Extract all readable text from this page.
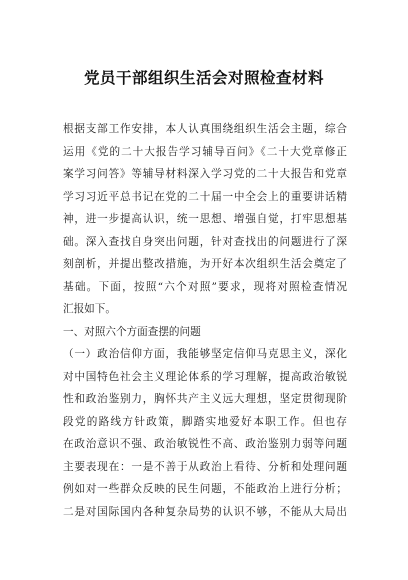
党员干部组织生活会对照检查材料
根据支部工作安排，本人认真围绕组织生活会主题，综合
运用《党的二十大报告学习辅导百问》《二十大党章修正
案学习问答》等辅导材料深入学习党的二十大报告和党章
学习习近平总书记在党的二十届一中全会上的重要讲话精
神，进一步提高认识，统一思想、增强自觉，打牢思想基
础。深入查找自身突出问题，针对查找出的问题进行了深
刻剖析，并提出整改措施，为开好本次组织生活会奠定了
基础。下面，按照“六个对照”要求，现将对照检查情况
汇报如下。
一、对照六个方面查摆的问题
（一）政治信仰方面，我能够坚定信仰马克思主义，深化
对中国特色社会主义理论体系的学习理解，提高政治敏锐
性和政治鉴别力，胸怀共产主义远大理想，坚定贯彻现阶
段党的路线方针政策，脚踏实地爱好本职工作。但也存
在政治意识不强、政治敏锐性不高、政治鉴别力弱等问题
主要表现在：一是不善于从政治上看待、分析和处理问题
例如对一些群众反映的民生问题，不能政治上进行分析；
二是对国际国内各种复杂局势的认识不够，不能从大局出
